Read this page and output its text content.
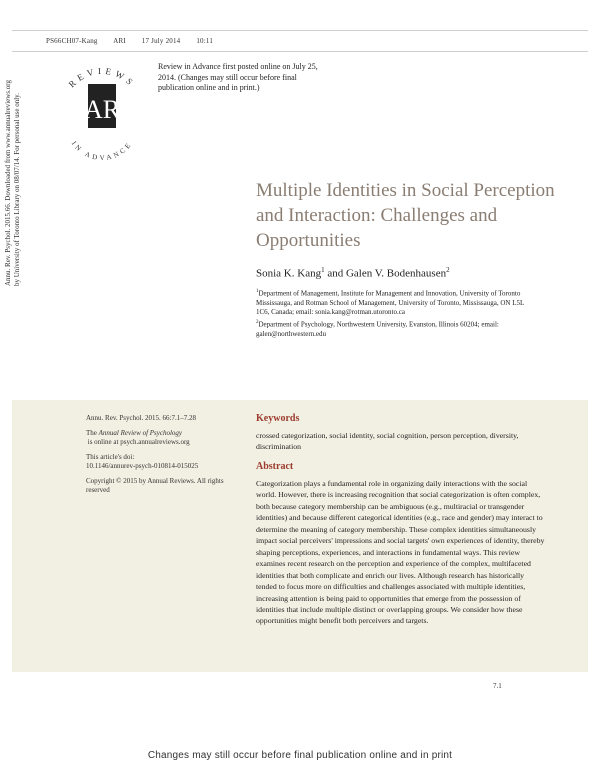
PS66CH07-Kang ARI 17 July 2014 10:11
Annu. Rev. Psychol. 2015.66. Downloaded from www.annualreviews.org by University of Toronto Library on 08/07/14. For personal use only.
REVIEWS
IN ADVANCE
AR
Review in Advance first posted online on July 25, 2014. (Changes may still occur before final publication online and in print.)
Multiple Identities in Social Perception and Interaction: Challenges and Opportunities
Sonia K. Kang$^1$ and Galen V. Bodenhausen$^2$
$^1$Department of Management, Institute for Management and Innovation, University of Toronto Mississauga, and Rotman School of Management, University of Toronto, Mississauga, ON L5L 1C6, Canada; email: sonia.kang@rotman.utoronto.ca
$^2$Department of Psychology, Northwestern University, Evanston, Illinois 60204; email: galen@northwestern.edu

Annu. Rev. Psychol. 2015. 66:7.1–7.28

The Annual Review of Psychology is online at psych.annualreviews.org

This article's doi:
10.1146/annurev-psych-010814-015025

Copyright © 2015 by Annual Reviews. All rights reserved

Keywords
crossed categorization, social identity, social cognition, person perception, diversity, discrimination
Abstract
Categorization plays a fundamental role in organizing daily interactions with the social world. However, there is increasing recognition that social categorization is often complex, both because category membership can be ambiguous (e.g., multiracial or transgender identities) and because different categorical identities (e.g., race and gender) may interact to determine the meaning of category membership. These complex identities simultaneously impact social perceivers' impressions and social targets' own experiences of identity, thereby shaping perceptions, experiences, and interactions in fundamental ways. This review examines recent research on the perception and experience of the complex, multifaceted identities that both complicate and enrich our lives. Although research has historically tended to focus more on difficulties and challenges associated with multiple identities, increasing attention is being paid to opportunities that emerge from the possession of identities that include multiple distinct or overlapping groups. We consider how these opportunities might benefit both perceivers and targets.
7.1
Changes may still occur before final publication online and in print
